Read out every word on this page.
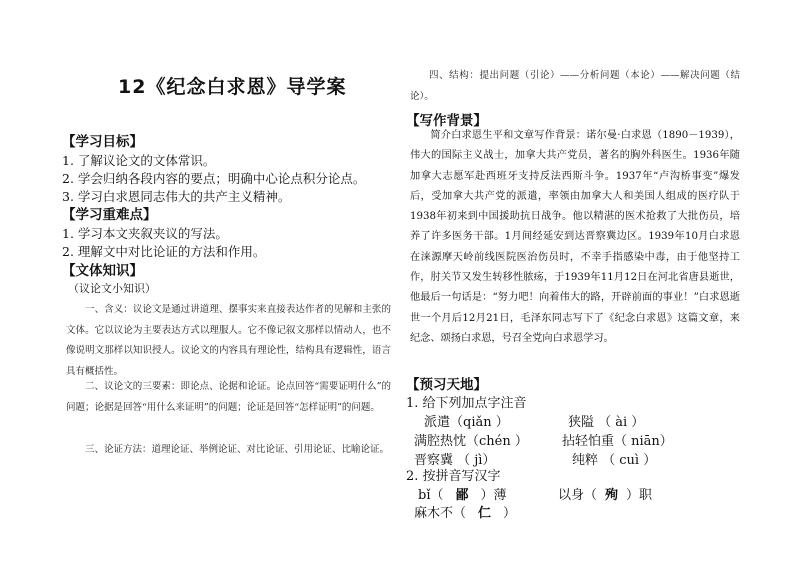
12《纪念白求恩》导学案
【学习目标】
1. 了解议论文的文体常识。
2. 学会归纳各段内容的要点；明确中心论点积分论点。
3. 学习白求恩同志伟大的共产主义精神。
【学习重难点】
1. 学习本文夹叙夹议的写法。
2. 理解文中对比论证的方法和作用。
【文体知识】
（议论文小知识）
一、含义：议论文是通过讲道理、摆事实来直接表达作者的见解和主张的文体。它以议论为主要表达方式以理服人。它不像记叙文那样以情动人，也不像说明文那样以知识授人。议论文的内容具有理论性，结构具有逻辑性，语言具有概括性。
二、议论文的三要素：即论点、论据和论证。论点回答“需要证明什么”的问题；论据是回答“用什么来证明”的问题；论证是回答“怎样证明”的问题。
三、论证方法：道理论证、举例论证、对比论证、引用论证、比喻论证。
四、结构：提出问题（引论）——分析问题（本论）——解决问题（结论）。
【写作背景】
简介白求恩生平和文章写作背景：诺尔曼·白求恩（1890－1939），伟大的国际主义战士，加拿大共产党员，著名的胸外科医生。1936年随加拿大志愿军赴西班牙支持反法西斯斗争。1937年“卢沟桥事变”爆发后，受加拿大共产党的派遣，率领由加拿大人和美国人组成的医疗队于1938年初来到中国援助抗日战争。他以精湛的医术抢救了大批伤员，培养了许多医务干部。1月间经延安到达晋察冀边区。1939年10月白求恩在涞源摩天岭前线医院医治伤员时，不幸手指感染中毒，由于他坚持工作，肘关节又发生转移性脓疡，于1939年11月12日在河北省唐县逝世，他最后一句话是：“努力吧！向着伟大的路，开辟前面的事业！”白求恩逝世一个月后12月21日，毛泽东同志写下了《纪念白求恩》这篇文章，来纪念、颂扬白求恩，号召全党向白求恩学习。
【预习天地】
1. 给下列加点字注音
派遣（qiǎn ）	狭隘 （ ài ）
满腔热忱（chén ）	拈轻怕重（ niān）
晋察冀 （ jì）	纯粹 （ cuì ）
2. 按拼音写汉字
bǐ（ 鄙 ）薄	以身（ 殉 ）职
麻木不（ 仁 ）
